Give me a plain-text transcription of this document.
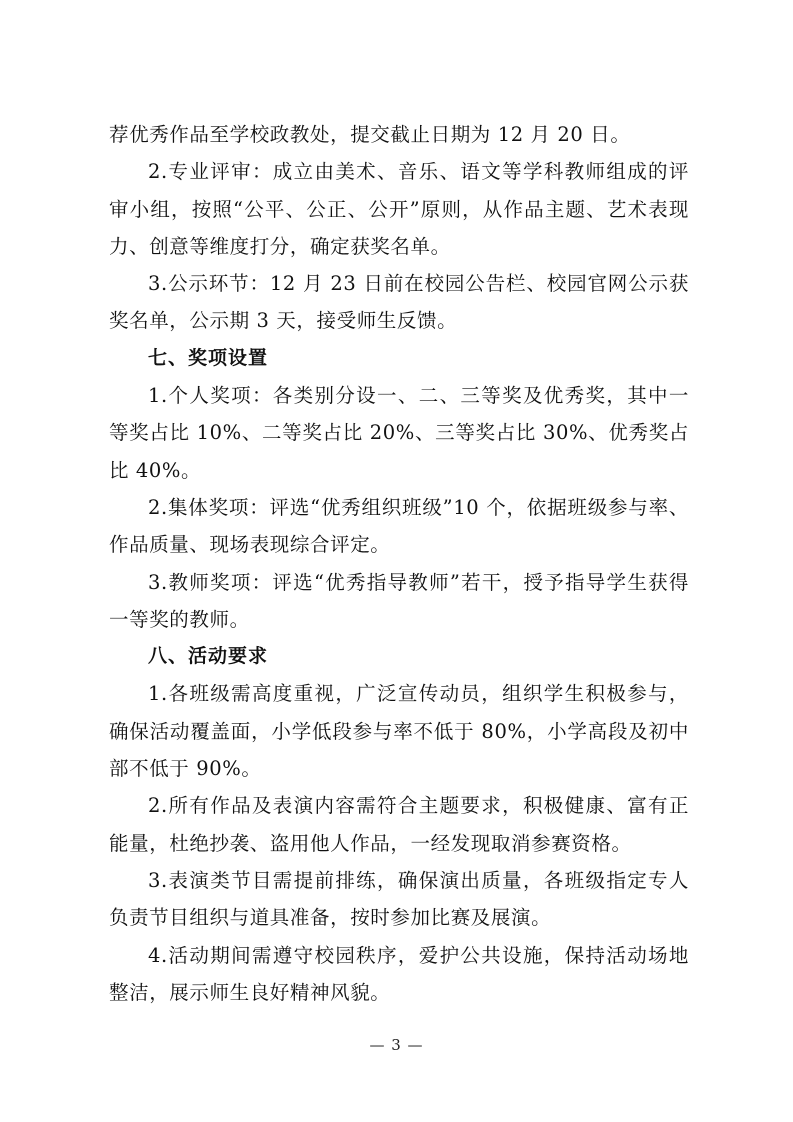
荐优秀作品至学校政教处，提交截止日期为 12 月 20 日。

2.专业评审：成立由美术、音乐、语文等学科教师组成的评审小组，按照“公平、公正、公开”原则，从作品主题、艺术表现力、创意等维度打分，确定获奖名单。

3.公示环节：12 月 23 日前在校园公告栏、校园官网公示获奖名单，公示期 3 天，接受师生反馈。

七、奖项设置

1.个人奖项：各类别分设一、二、三等奖及优秀奖，其中一等奖占比 10%、二等奖占比 20%、三等奖占比 30%、优秀奖占比 40%。

2.集体奖项：评选“优秀组织班级”10 个，依据班级参与率、作品质量、现场表现综合评定。

3.教师奖项：评选“优秀指导教师”若干，授予指导学生获得一等奖的教师。

八、活动要求

1.各班级需高度重视，广泛宣传动员，组织学生积极参与，确保活动覆盖面，小学低段参与率不低于 80%，小学高段及初中部不低于 90%。

2.所有作品及表演内容需符合主题要求，积极健康、富有正能量，杜绝抄袭、盗用他人作品，一经发现取消参赛资格。

3.表演类节目需提前排练，确保演出质量，各班级指定专人负责节目组织与道具准备，按时参加比赛及展演。

4.活动期间需遵守校园秩序，爱护公共设施，保持活动场地整洁，展示师生良好精神风貌。

— 3 —
